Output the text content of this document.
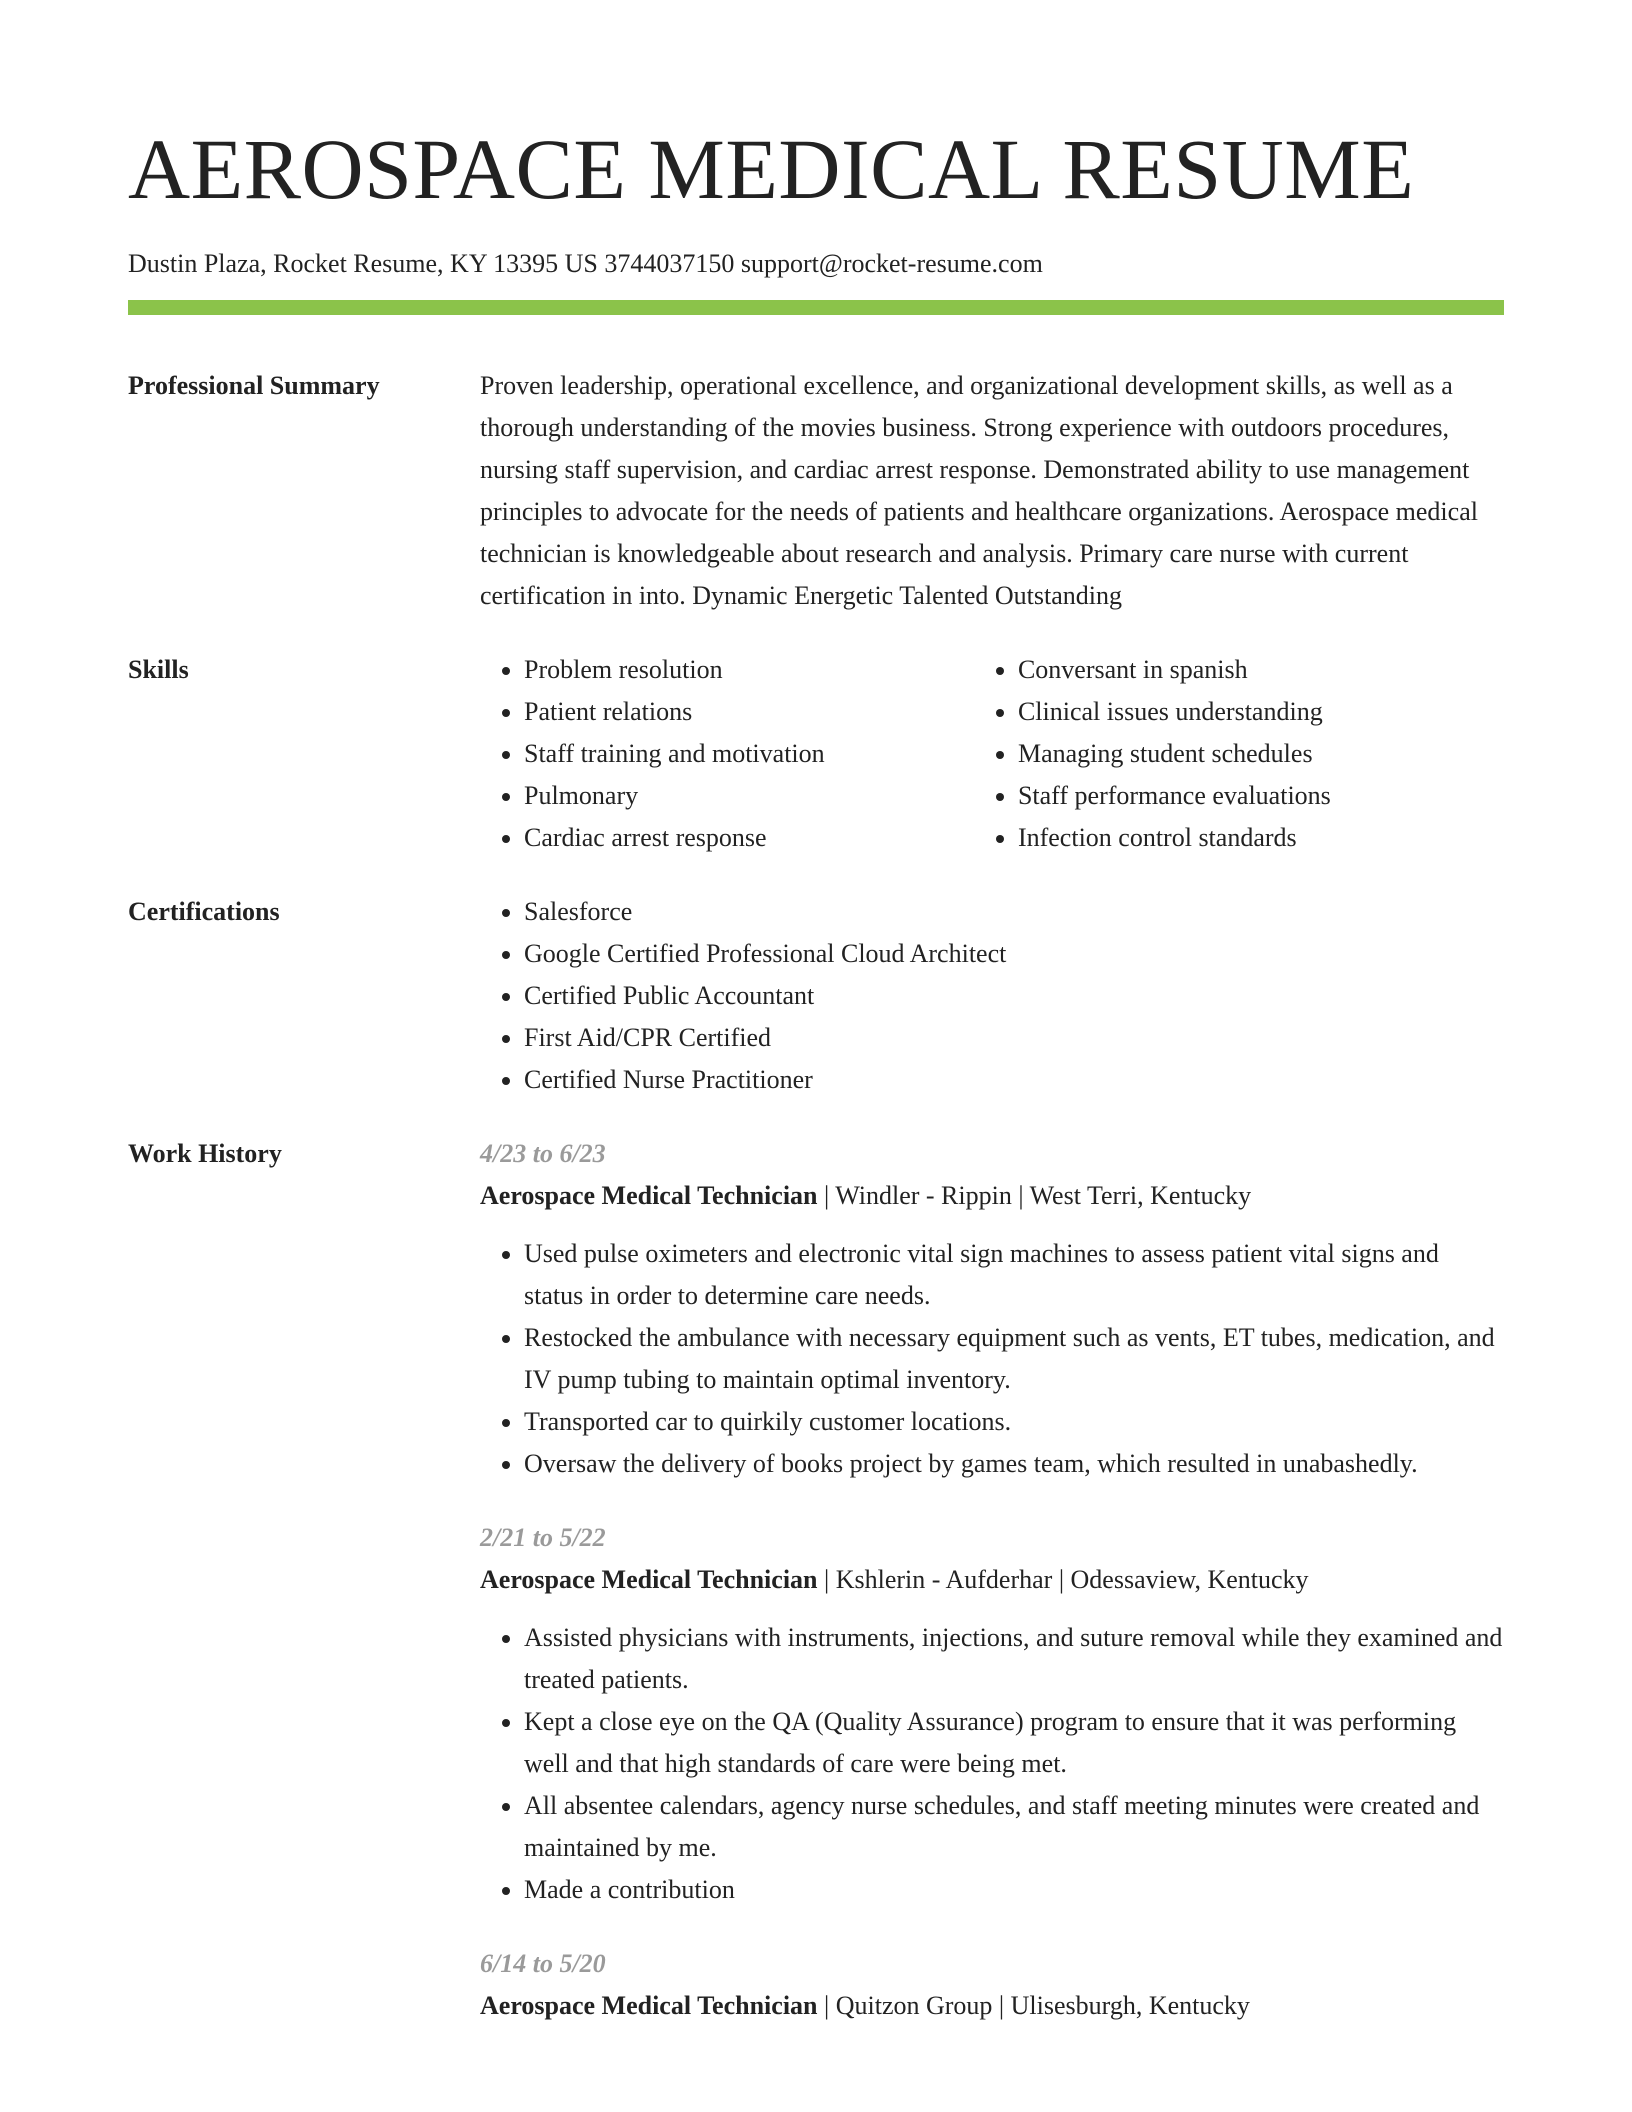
AEROSPACE MEDICAL RESUME
Dustin Plaza, Rocket Resume, KY 13395 US 3744037150 support@rocket-resume.com
Professional Summary	Proven leadership, operational excellence, and organizational development skills, as well as a thorough understanding of the movies business. Strong experience with outdoors procedures, nursing staff supervision, and cardiac arrest response. Demonstrated ability to use management principles to advocate for the needs of patients and healthcare organizations. Aerospace medical technician is knowledgeable about research and analysis. Primary care nurse with current certification in into. Dynamic Energetic Talented Outstanding
Skills	• Problem resolution
• Patient relations
• Staff training and motivation
• Pulmonary
• Cardiac arrest response
• Conversant in spanish
• Clinical issues understanding
• Managing student schedules
• Staff performance evaluations
• Infection control standards
Certifications	• Salesforce
• Google Certified Professional Cloud Architect
• Certified Public Accountant
• First Aid/CPR Certified
• Certified Nurse Practitioner
Work History	4/23 to 6/23
Aerospace Medical Technician | Windler - Rippin | West Terri, Kentucky
• Used pulse oximeters and electronic vital sign machines to assess patient vital signs and status in order to determine care needs.
• Restocked the ambulance with necessary equipment such as vents, ET tubes, medication, and IV pump tubing to maintain optimal inventory.
• Transported car to quirkily customer locations.
• Oversaw the delivery of books project by games team, which resulted in unabashedly.
2/21 to 5/22
Aerospace Medical Technician | Kshlerin - Aufderhar | Odessaview, Kentucky
• Assisted physicians with instruments, injections, and suture removal while they examined and treated patients.
• Kept a close eye on the QA (Quality Assurance) program to ensure that it was performing well and that high standards of care were being met.
• All absentee calendars, agency nurse schedules, and staff meeting minutes were created and maintained by me.
• Made a contribution
6/14 to 5/20
Aerospace Medical Technician | Quitzon Group | Ulisesburgh, Kentucky
